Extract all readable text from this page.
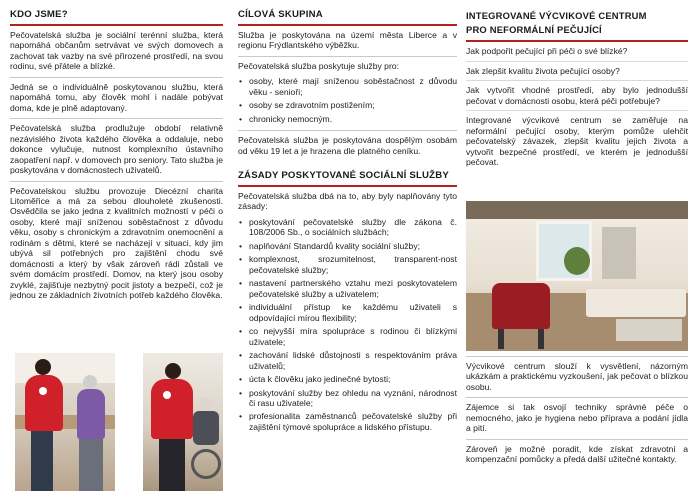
KDO JSME?

Pečovatelská služba je sociální terénní služba, která napomáhá občanům setrvávat ve svých domovech a zachovat tak vazby na své přirozené prostředí, na svou rodinu, své přátele a blízké.

Jedná se o individuálně poskytovanou službu, která napomáhá tomu, aby člověk mohl i nadále pobývat doma, kde je plně adaptovaný.

Pečovatelská služba prodlužuje období relativně nezávislého života každého člověka a oddaluje, nebo dokonce vylučuje, nutnost komplexního ústavního zaopatření např. v domovech pro seniory. Tato služba je poskytována v domácnostech uživatelů.

Pečovatelskou službu provozuje Diecézní charita Litoměřice a má za sebou dlouholeté zkušenosti. Osvědčila se jako jedna z kvalitních možností v péči o osoby, které mají sníženou soběstačnost z důvodu věku, osoby s chronickým a zdravotním onemocnění a rodinám s dětmi, které se nacházejí v situaci, kdy jim ubývá sil potřebných pro zajištění chodu své domácnosti a který by však zároveň rádi zůstali ve svém domácím prostředí. Domov, na který jsou osoby zvyklé, zajišťuje nezbytný pocit jistoty a bezpečí, což je jednou ze základních životních potřeb každého člověka.

CÍLOVÁ SKUPINA

Služba je poskytována na území města Liberce a v regionu Frýdlantského výběžku.

Pečovatelská služba poskytuje služby pro:

• osoby, které mají sníženou soběstačnost z důvodu věku - senioři;
• osoby se zdravotním postižením;
• chronicky nemocným.

Pečovatelská služba je poskytována dospělým osobám od věku 19 let a je hrazena dle platného ceníku.

ZÁSADY POSKYTOVANÉ SOCIÁLNÍ SLUŽBY

Pečovatelská služba dbá na to, aby byly naplňovány tyto zásady:

• poskytování pečovatelské služby dle zákona č. 108/2006 Sb., o sociálních službách;
• naplňování Standardů kvality sociální služby;
• komplexnost, srozumitelnost, transparent-nost pečovatelské služby;
• nastavení partnerského vztahu mezi poskytovatelem pečovatelské služby a uživatelem;
• individuální přístup ke každému uživateli s odpovídající mírou flexibility;
• co nejvyšší míra spolupráce s rodinou či blízkými uživatele;
• zachování lidské důstojnosti s respektováním práva uživatelů;
• úcta k člověku jako jedinečné bytosti;
• poskytování služby bez ohledu na vyznání, národnost či rasu uživatele;
• profesionalita zaměstnanců pečovatelské služby při zajištění týmové spolupráce a lidského přístupu.
INTEGROVANÉ VÝCVIKOVÉ CENTRUM
PRO NEFORMÁLNÍ PEČUJÍCÍ

Jak podpořit pečující při péči o své blízké?

Jak zlepšit kvalitu života pečující osoby?

Jak vytvořit vhodné prostředí, aby bylo jednodušší pečovat v domácnosti osobu, která péči potřebuje?

Integrované výcvikové centrum se zaměřuje na neformální pečující osoby, kterým pomůže ulehčit pečovatelský závazek, zlepšit kvalitu jejich života a vytvořit bezpečné prostředí, ve kterém je jednodušší pečovat.

Výcvikové centrum slouží k vysvětlení, názorným ukázkám a praktickému vyzkoušení, jak pečovat o blízkou osobu.

Zájemce si tak osvojí techniky správné péče o nemocného, jako je hygiena nebo příprava a podání jídla a pití.

Zároveň je možné poradit, kde získat zdravotní a kompenzační pomůcky a předá další užitečné kontakty.
